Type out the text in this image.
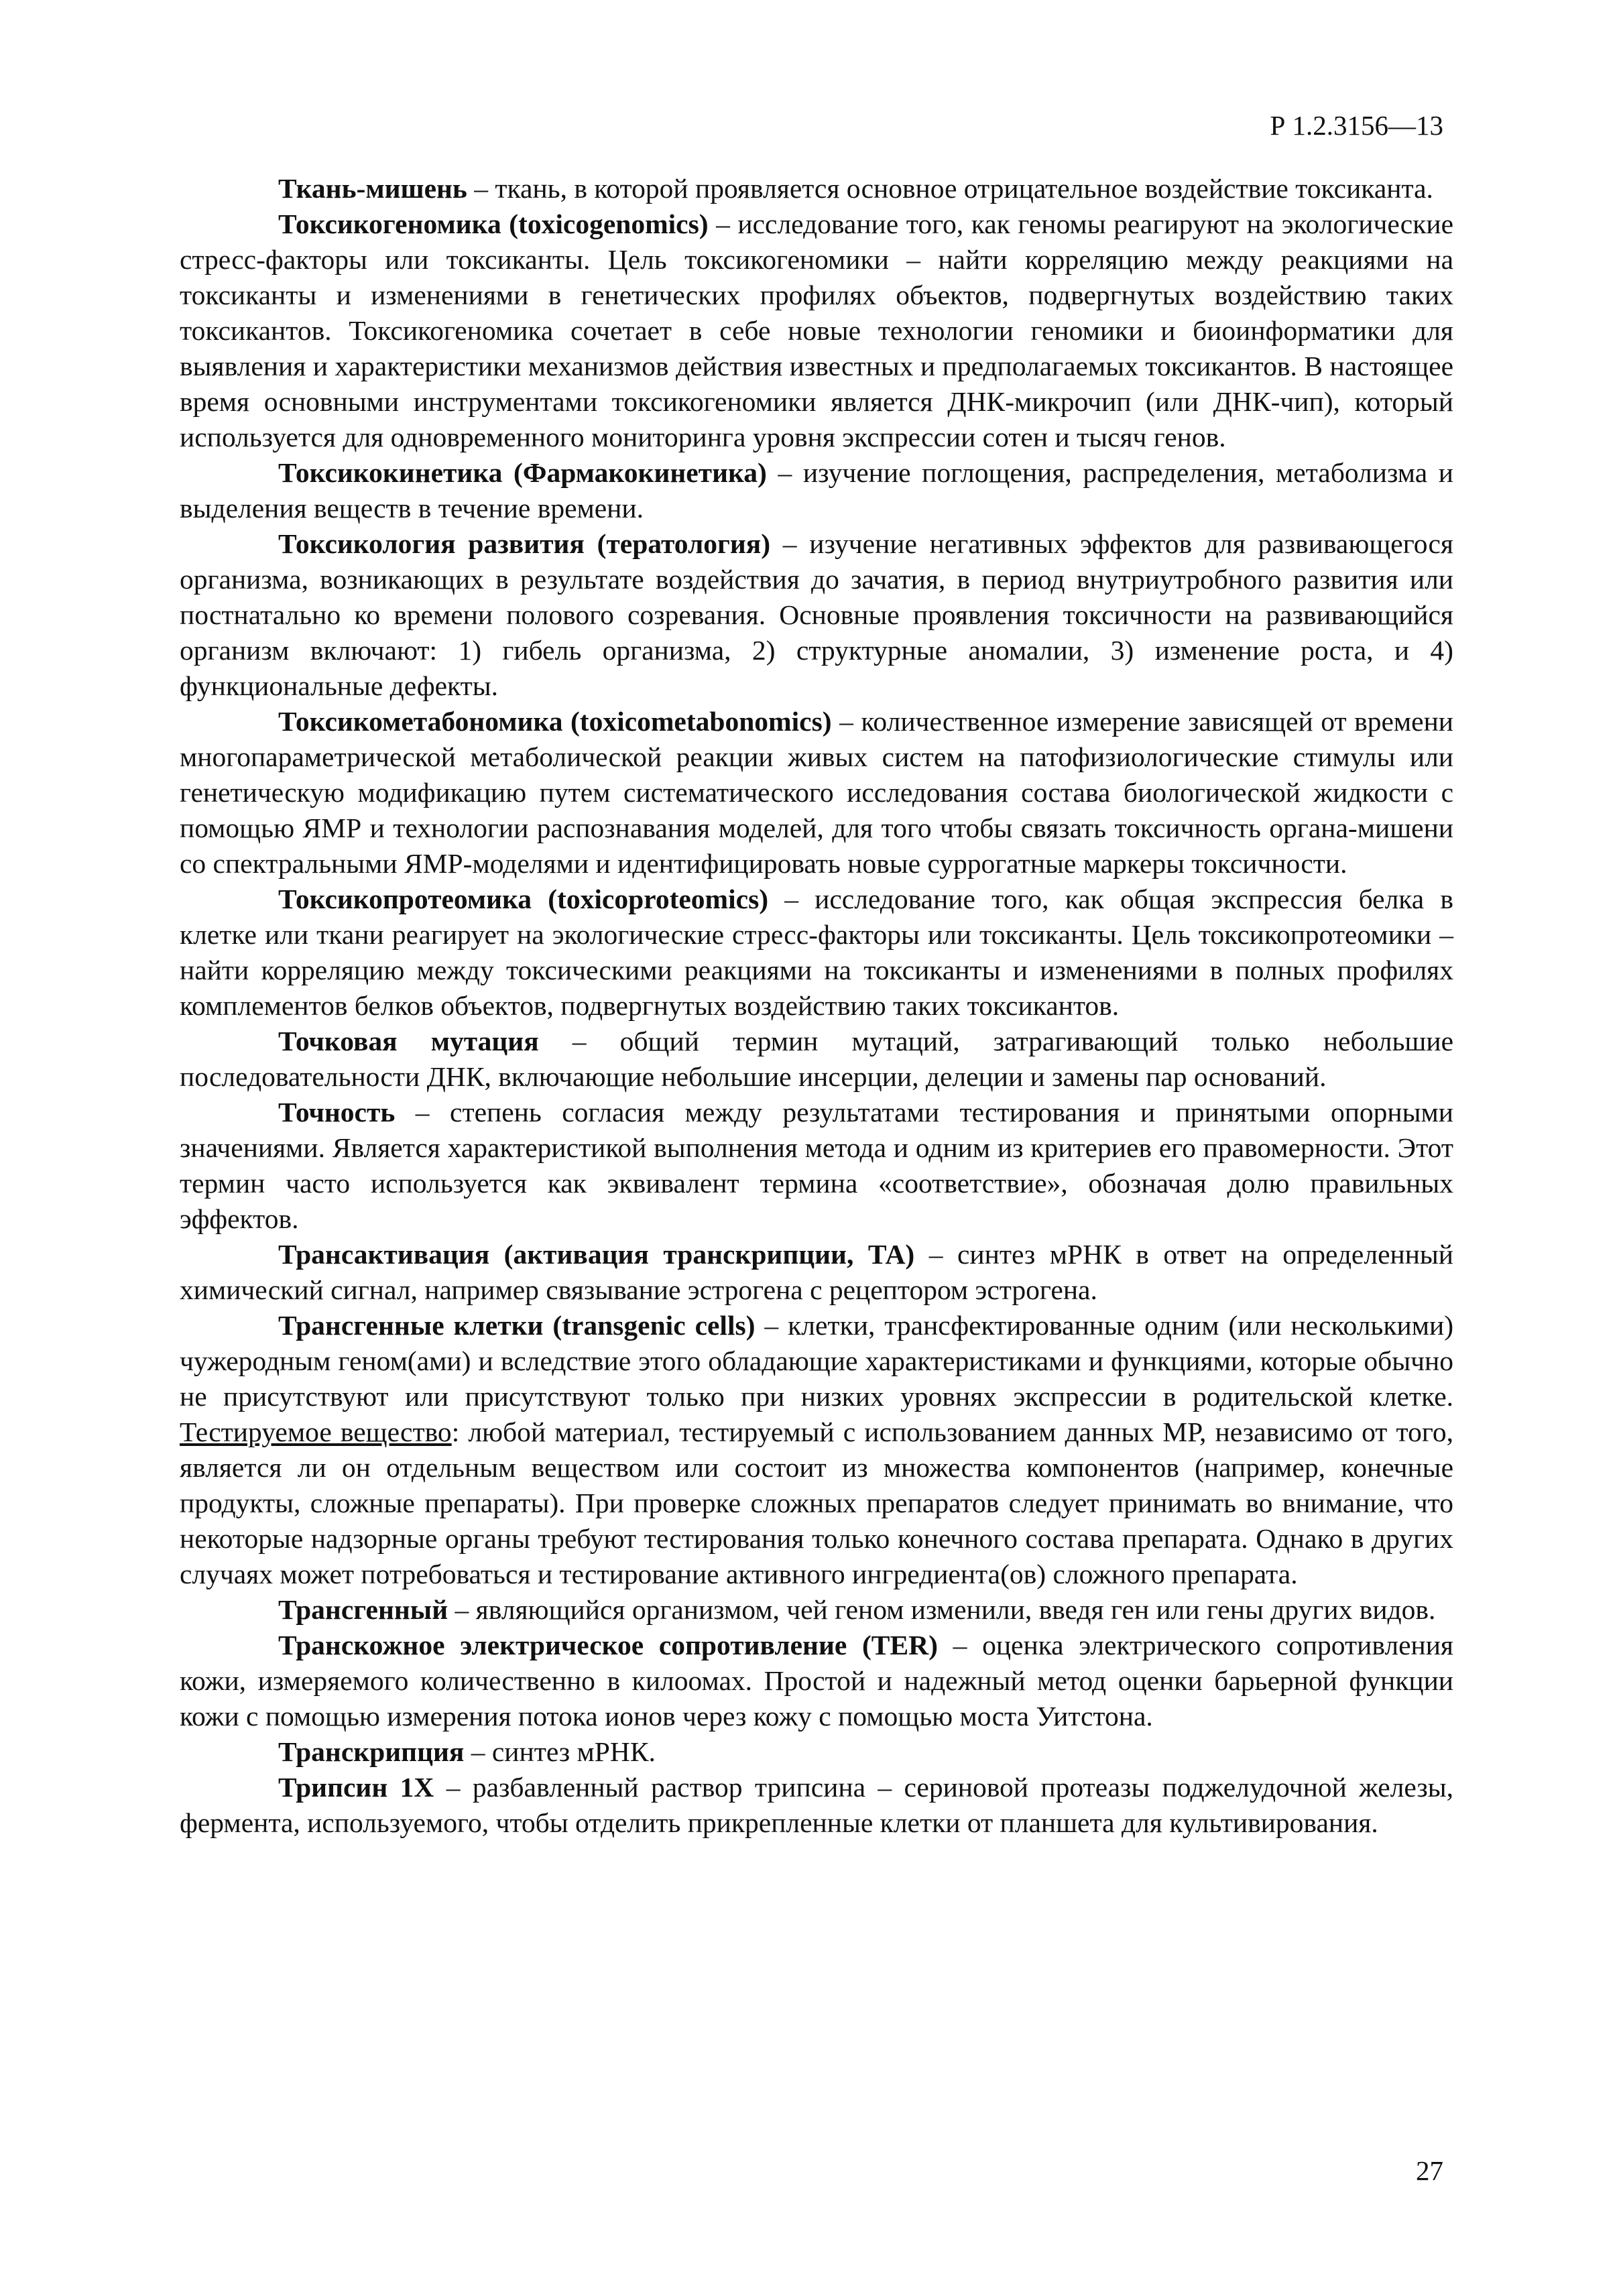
Р 1.2.3156—13

Ткань-мишень – ткань, в которой проявляется основное отрицательное воздействие токсиканта.

Токсикогеномика (toxicogenomics) – исследование того, как геномы реагируют на экологические стресс-факторы или токсиканты. Цель токсикогеномики – найти корреляцию между реакциями на токсиканты и изменениями в генетических профилях объектов, подвергнутых воздействию таких токсикантов. Токсикогеномика сочетает в себе новые технологии геномики и биоинформатики для выявления и характеристики механизмов действия известных и предполагаемых токсикантов. В настоящее время основными инструментами токсикогеномики является ДНК-микрочип (или ДНК-чип), который используется для одновременного мониторинга уровня экспрессии сотен и тысяч генов.

Токсикокинетика (Фармакокинетика) – изучение поглощения, распределения, метаболизма и выделения веществ в течение времени.

Токсикология развития (тератология) – изучение негативных эффектов для развивающегося организма, возникающих в результате воздействия до зачатия, в период внутриутробного развития или постнатально ко времени полового созревания. Основные проявления токсичности на развивающийся организм включают: 1) гибель организма, 2) структурные аномалии, 3) изменение роста, и 4) функциональные дефекты.

Токсикометабономика (toxicometabonomics) – количественное измерение зависящей от времени многопараметрической метаболической реакции живых систем на патофизиологические стимулы или генетическую модификацию путем систематического исследования состава биологической жидкости с помощью ЯМР и технологии распознавания моделей, для того чтобы связать токсичность органа-мишени со спектральными ЯМР-моделями и идентифицировать новые суррогатные маркеры токсичности.

Токсикопротеомика (toxicoproteomics) – исследование того, как общая экспрессия белка в клетке или ткани реагирует на экологические стресс-факторы или токсиканты. Цель токсикопротеомики – найти корреляцию между токсическими реакциями на токсиканты и изменениями в полных профилях комплементов белков объектов, подвергнутых воздействию таких токсикантов.

Точковая мутация – общий термин мутаций, затрагивающий только небольшие последовательности ДНК, включающие небольшие инсерции, делеции и замены пар оснований.

Точность – степень согласия между результатами тестирования и принятыми опорными значениями. Является характеристикой выполнения метода и одним из критериев его правомерности. Этот термин часто используется как эквивалент термина «соответствие», обозначая долю правильных эффектов.

Трансактивация (активация транскрипции, ТА) – синтез мРНК в ответ на определенный химический сигнал, например связывание эстрогена с рецептором эстрогена.

Трансгенные клетки (transgenic cells) – клетки, трансфектированные одним (или несколькими) чужеродным геном(ами) и вследствие этого обладающие характеристиками и функциями, которые обычно не присутствуют или присутствуют только при низких уровнях экспрессии в родительской клетке. Тестируемое вещество: любой материал, тестируемый с использованием данных МР, независимо от того, является ли он отдельным веществом или состоит из множества компонентов (например, конечные продукты, сложные препараты). При проверке сложных препаратов следует принимать во внимание, что некоторые надзорные органы требуют тестирования только конечного состава препарата. Однако в других случаях может потребоваться и тестирование активного ингредиента(ов) сложного препарата.

Трансгенный – являющийся организмом, чей геном изменили, введя ген или гены других видов.

Транскожное электрическое сопротивление (TER) – оценка электрического сопротивления кожи, измеряемого количественно в килоомах. Простой и надежный метод оценки барьерной функции кожи с помощью измерения потока ионов через кожу с помощью моста Уитстона.

Транскрипция – синтез мРНК.

Трипсин 1X – разбавленный раствор трипсина – сериновой протеазы поджелудочной железы, фермента, используемого, чтобы отделить прикрепленные клетки от планшета для культивирования.

27
